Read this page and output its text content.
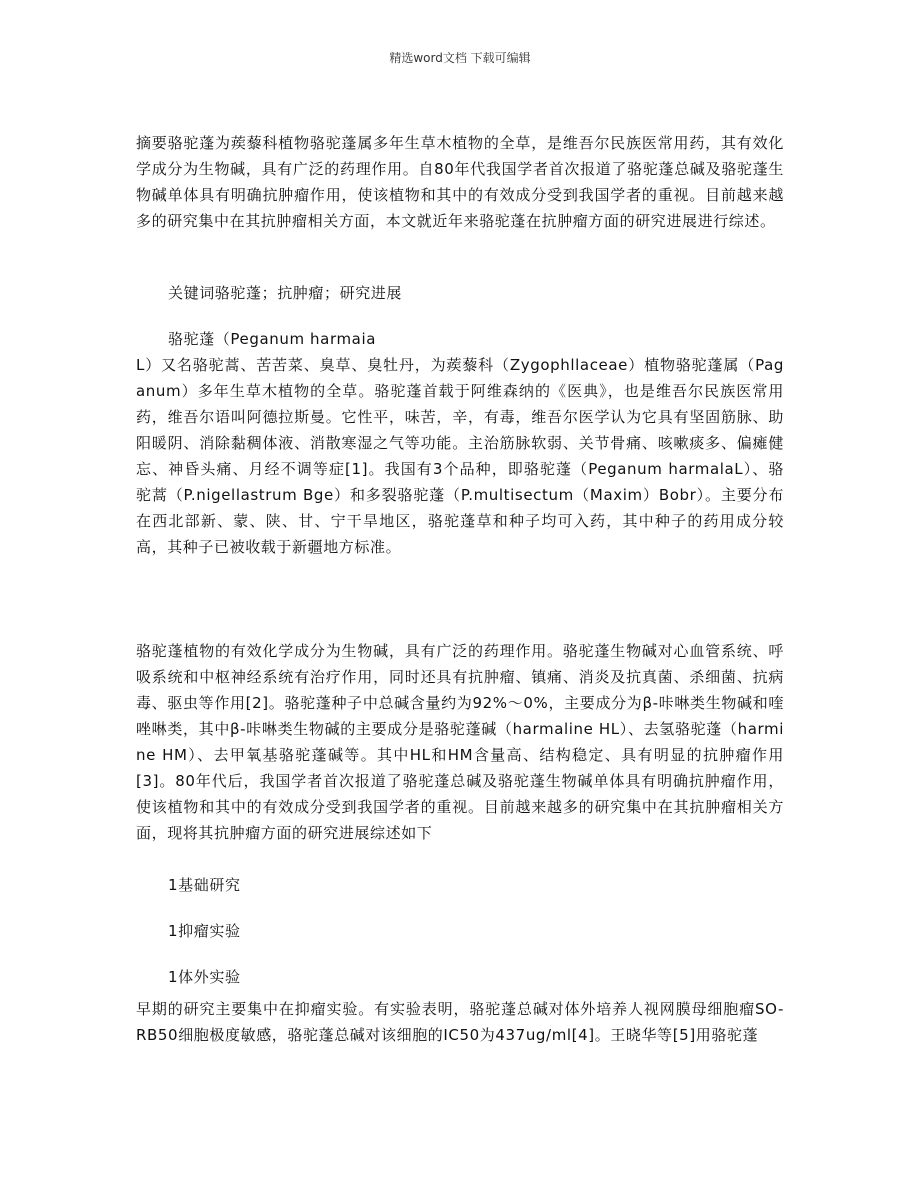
精选word文档 下载可编辑

摘要骆驼蓬为蒺藜科植物骆驼蓬属多年生草木植物的全草，是维吾尔民族医常用药，其有效化学成分为生物碱，具有广泛的药理作用。自80年代我国学者首次报道了骆驼蓬总碱及骆驼蓬生物碱单体具有明确抗肿瘤作用，使该植物和其中的有效成分受到我国学者的重视。目前越来越多的研究集中在其抗肿瘤相关方面，本文就近年来骆驼蓬在抗肿瘤方面的研究进展进行综述。

关键词骆驼蓬；抗肿瘤；研究进展

骆驼蓬（Peganum harmaia

L）又名骆驼蒿、苦苦菜、臭草、臭牡丹，为蒺藜科（Zygophllaceae）植物骆驼蓬属（Paganum）多年生草木植物的全草。骆驼蓬首载于阿维森纳的《医典》，也是维吾尔民族医常用药，维吾尔语叫阿德拉斯曼。它性平，味苦，辛，有毒，维吾尔医学认为它具有坚固筋脉、助阳暖阴、消除黏稠体液、消散寒湿之气等功能。主治筋脉软弱、关节骨痛、咳嗽痰多、偏瘫健忘、神昏头痛、月经不调等症[1]。我国有3个品种，即骆驼蓬（Peganum harmalaL）、骆驼蒿（P.nigellastrum Bge）和多裂骆驼蓬（P.multisectum（Maxim）Bobr）。主要分布在西北部新、蒙、陕、甘、宁干旱地区，骆驼蓬草和种子均可入药，其中种子的药用成分较高，其种子已被收载于新疆地方标准。

骆驼蓬植物的有效化学成分为生物碱，具有广泛的药理作用。骆驼蓬生物碱对心血管系统、呼吸系统和中枢神经系统有治疗作用，同时还具有抗肿瘤、镇痛、消炎及抗真菌、杀细菌、抗病毒、驱虫等作用[2]。骆驼蓬种子中总碱含量约为92%～0%，主要成分为β-咔啉类生物碱和喹唑啉类，其中β-咔啉类生物碱的主要成分是骆驼蓬碱（harmaline HL）、去氢骆驼蓬（harmine HM）、去甲氧基骆驼蓬碱等。其中HL和HM含量高、结构稳定、具有明显的抗肿瘤作用[3]。80年代后，我国学者首次报道了骆驼蓬总碱及骆驼蓬生物碱单体具有明确抗肿瘤作用，使该植物和其中的有效成分受到我国学者的重视。目前越来越多的研究集中在其抗肿瘤相关方面，现将其抗肿瘤方面的研究进展综述如下

1基础研究

1抑瘤实验

1体外实验

早期的研究主要集中在抑瘤实验。有实验表明，骆驼蓬总碱对体外培养人视网膜母细胞瘤SO-RB50细胞极度敏感，骆驼蓬总碱对该细胞的IC50为437ug/ml[4]。王晓华等[5]用骆驼蓬
